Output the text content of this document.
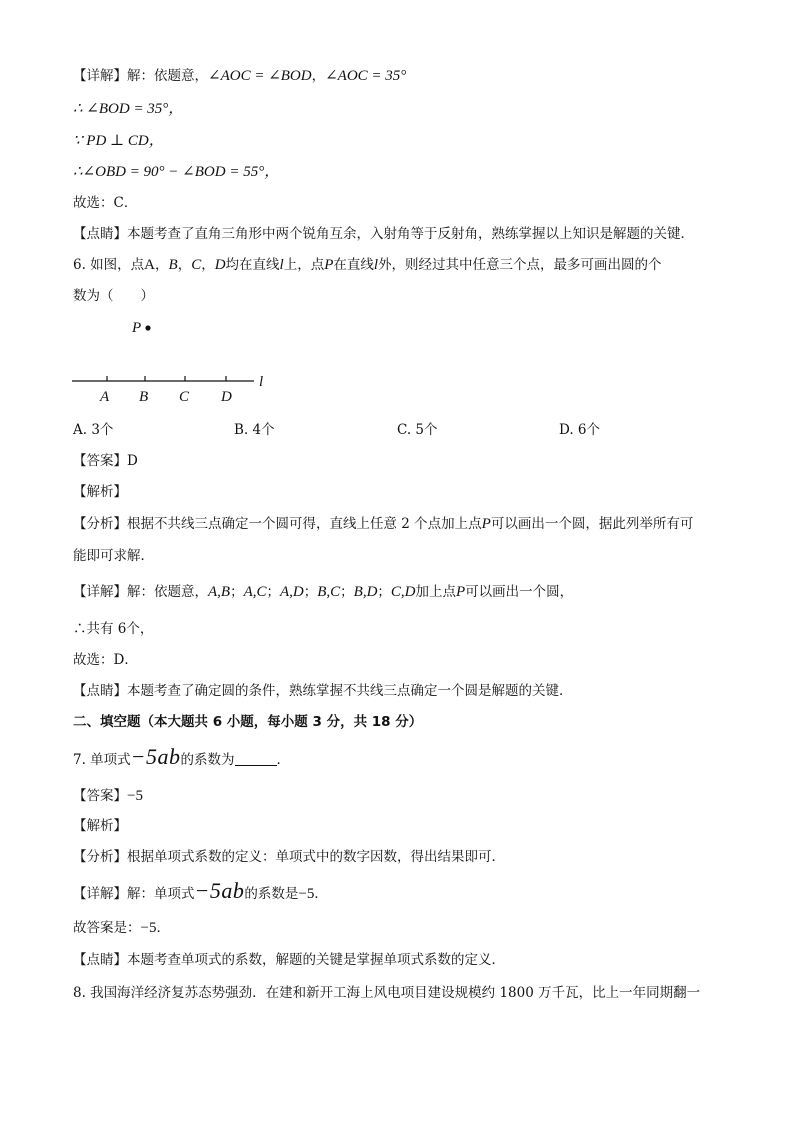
【详解】解：依题意，∠AOC = ∠BOD，∠AOC = 35°
∴ ∠BOD = 35°，
∵ PD ⊥ CD，
∴∠OBD = 90° − ∠BOD = 55°，
故选：C．
【点睛】本题考查了直角三角形中两个锐角互余，入射角等于反射角，熟练掌握以上知识是解题的关键．
6. 如图，点A，B，C，D均在直线l上，点P在直线l外，则经过其中任意三个点，最多可画出圆的个
数为（　　）
P
l
A B C D
A. 3个	B. 4个	C. 5个	D. 6个
【答案】D
【解析】
【分析】根据不共线三点确定一个圆可得，直线上任意 2 个点加上点P可以画出一个圆，据此列举所有可
能即可求解．
【详解】解：依题意，A,B；A,C；A,D；B,C；B,D；C,D加上点P可以画出一个圆，
∴共有 6个，
故选：D．
【点睛】本题考查了确定圆的条件，熟练掌握不共线三点确定一个圆是解题的关键．
二、填空题（本大题共 6 小题，每小题 3 分，共 18 分）
7. 单项式−5ab的系数为	．
【答案】−5
【解析】
【分析】根据单项式系数的定义：单项式中的数字因数，得出结果即可．
【详解】解：单项式−5ab的系数是−5．
故答案是：−5．
【点睛】本题考查单项式的系数，解题的关键是掌握单项式系数的定义．
8. 我国海洋经济复苏态势强劲．在建和新开工海上风电项目建设规模约 1800 万千瓦，比上一年同期翻一
